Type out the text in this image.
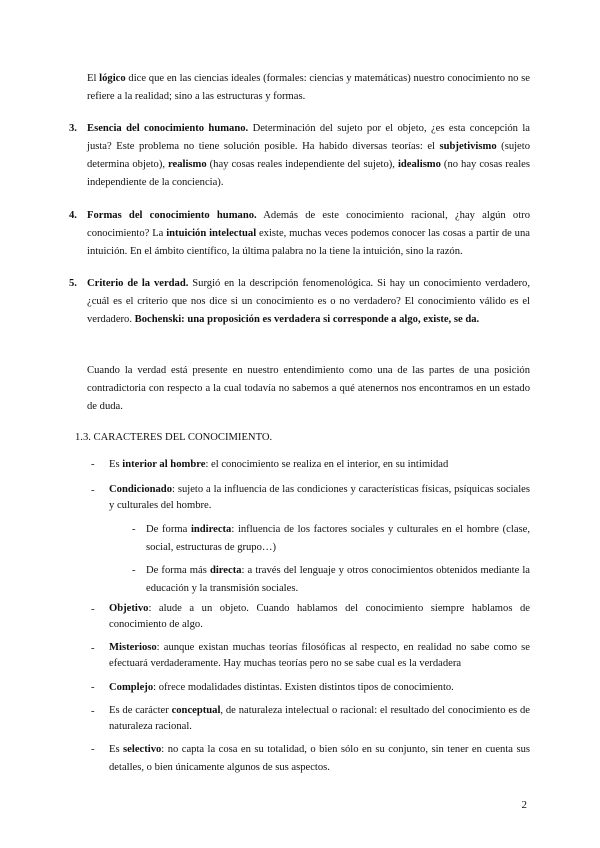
El lógico dice que en las ciencias ideales (formales: ciencias y matemáticas) nuestro conocimiento no se refiere a la realidad; sino a las estructuras y formas.

3. Esencia del conocimiento humano. Determinación del sujeto por el objeto, ¿es esta concepción la justa? Este problema no tiene solución posible. Ha habido diversas teorías: el subjetivismo (sujeto determina objeto), realismo (hay cosas reales independiente del sujeto), idealismo (no hay cosas reales independiente de la conciencia).

4. Formas del conocimiento humano. Además de este conocimiento racional, ¿hay algún otro conocimiento? La intuición intelectual existe, muchas veces podemos conocer las cosas a partir de una intuición. En el ámbito científico, la última palabra no la tiene la intuición, sino la razón.

5. Criterio de la verdad. Surgió en la descripción fenomenológica. Si hay un conocimiento verdadero, ¿cuál es el criterio que nos dice si un conocimiento es o no verdadero? El conocimiento válido es el verdadero. Bochenski: una proposición es verdadera si corresponde a algo, existe, se da.

Cuando la verdad está presente en nuestro entendimiento como una de las partes de una posición contradictoria con respecto a la cual todavía no sabemos a qué atenernos nos encontramos en un estado de duda.

1.3. CARACTERES DEL CONOCIMIENTO.
- Es interior al hombre: el conocimiento se realiza en el interior, en su intimidad

- Condicionado: sujeto a la influencia de las condiciones y características físicas, psíquicas sociales y culturales del hombre.

- De forma indirecta: influencia de los factores sociales y culturales en el hombre (clase, social, estructuras de grupo…)

- De forma más directa: a través del lenguaje y otros conocimientos obtenidos mediante la educación y la transmisión sociales.

- Objetivo: alude a un objeto. Cuando hablamos del conocimiento siempre hablamos de conocimiento de algo.

- Misterioso: aunque existan muchas teorías filosóficas al respecto, en realidad no sabe como se efectuará verdaderamente. Hay muchas teorías pero no se sabe cual es la verdadera

- Complejo: ofrece modalidades distintas. Existen distintos tipos de conocimiento.

- Es de carácter conceptual, de naturaleza intelectual o racional: el resultado del conocimiento es de naturaleza racional.

- Es selectivo: no capta la cosa en su totalidad, o bien sólo en su conjunto, sin tener en cuenta sus detalles, o bien únicamente algunos de sus aspectos.

2
